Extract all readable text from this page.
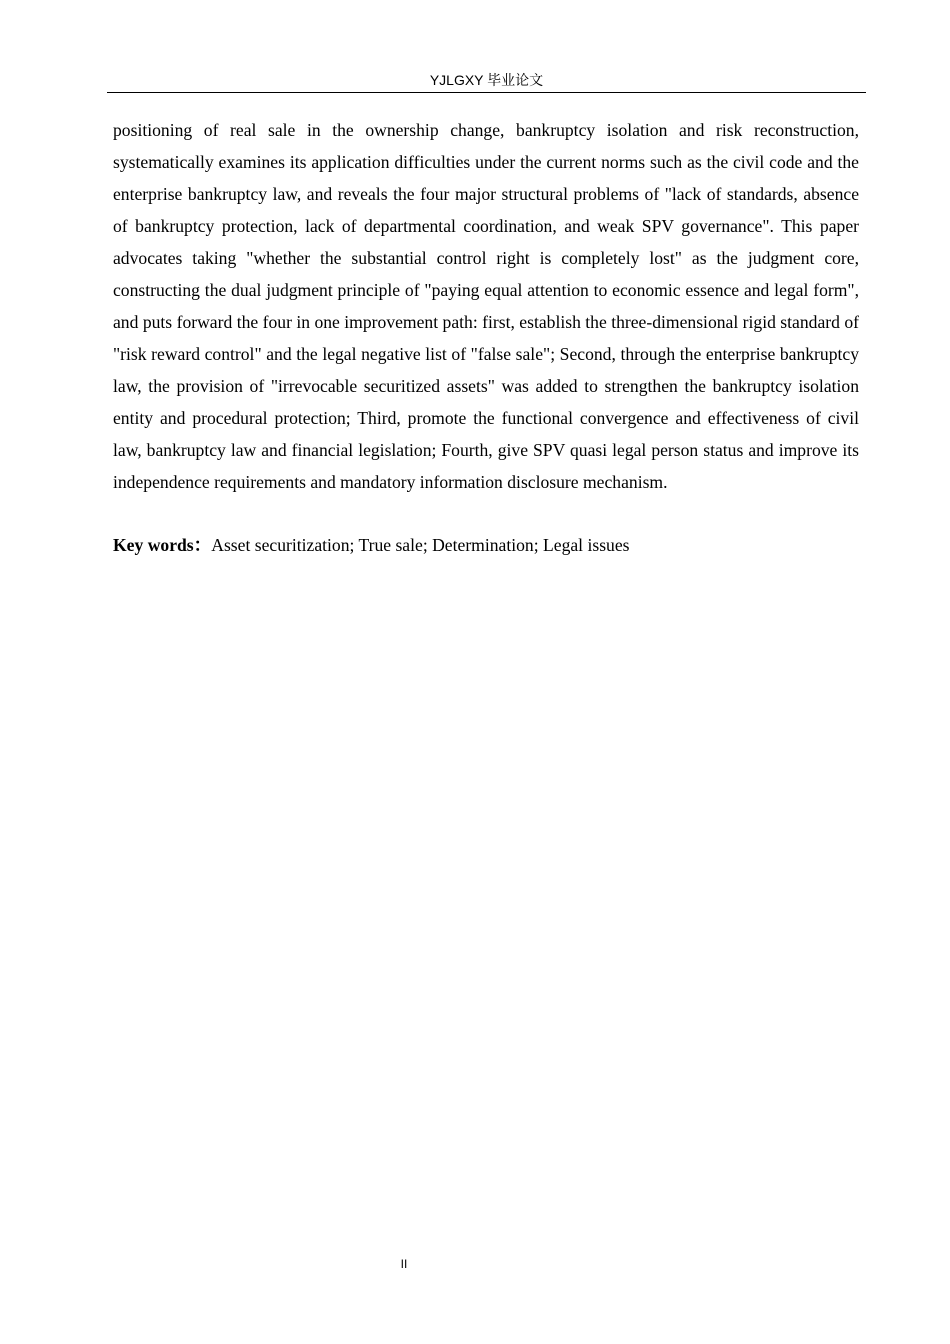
YJLGXY 毕业论文

positioning of real sale in the ownership change, bankruptcy isolation and risk reconstruction, systematically examines its application difficulties under the current norms such as the civil code and the enterprise bankruptcy law, and reveals the four major structural problems of "lack of standards, absence of bankruptcy protection, lack of departmental coordination, and weak SPV governance". This paper advocates taking "whether the substantial control right is completely lost" as the judgment core, constructing the dual judgment principle of "paying equal attention to economic essence and legal form", and puts forward the four in one improvement path: first, establish the three-dimensional rigid standard of "risk reward control" and the legal negative list of "false sale"; Second, through the enterprise bankruptcy law, the provision of "irrevocable securitized assets" was added to strengthen the bankruptcy isolation entity and procedural protection; Third, promote the functional convergence and effectiveness of civil law, bankruptcy law and financial legislation; Fourth, give SPV quasi legal person status and improve its independence requirements and mandatory information disclosure mechanism.

Key words：Asset securitization; True sale; Determination; Legal issues

II
